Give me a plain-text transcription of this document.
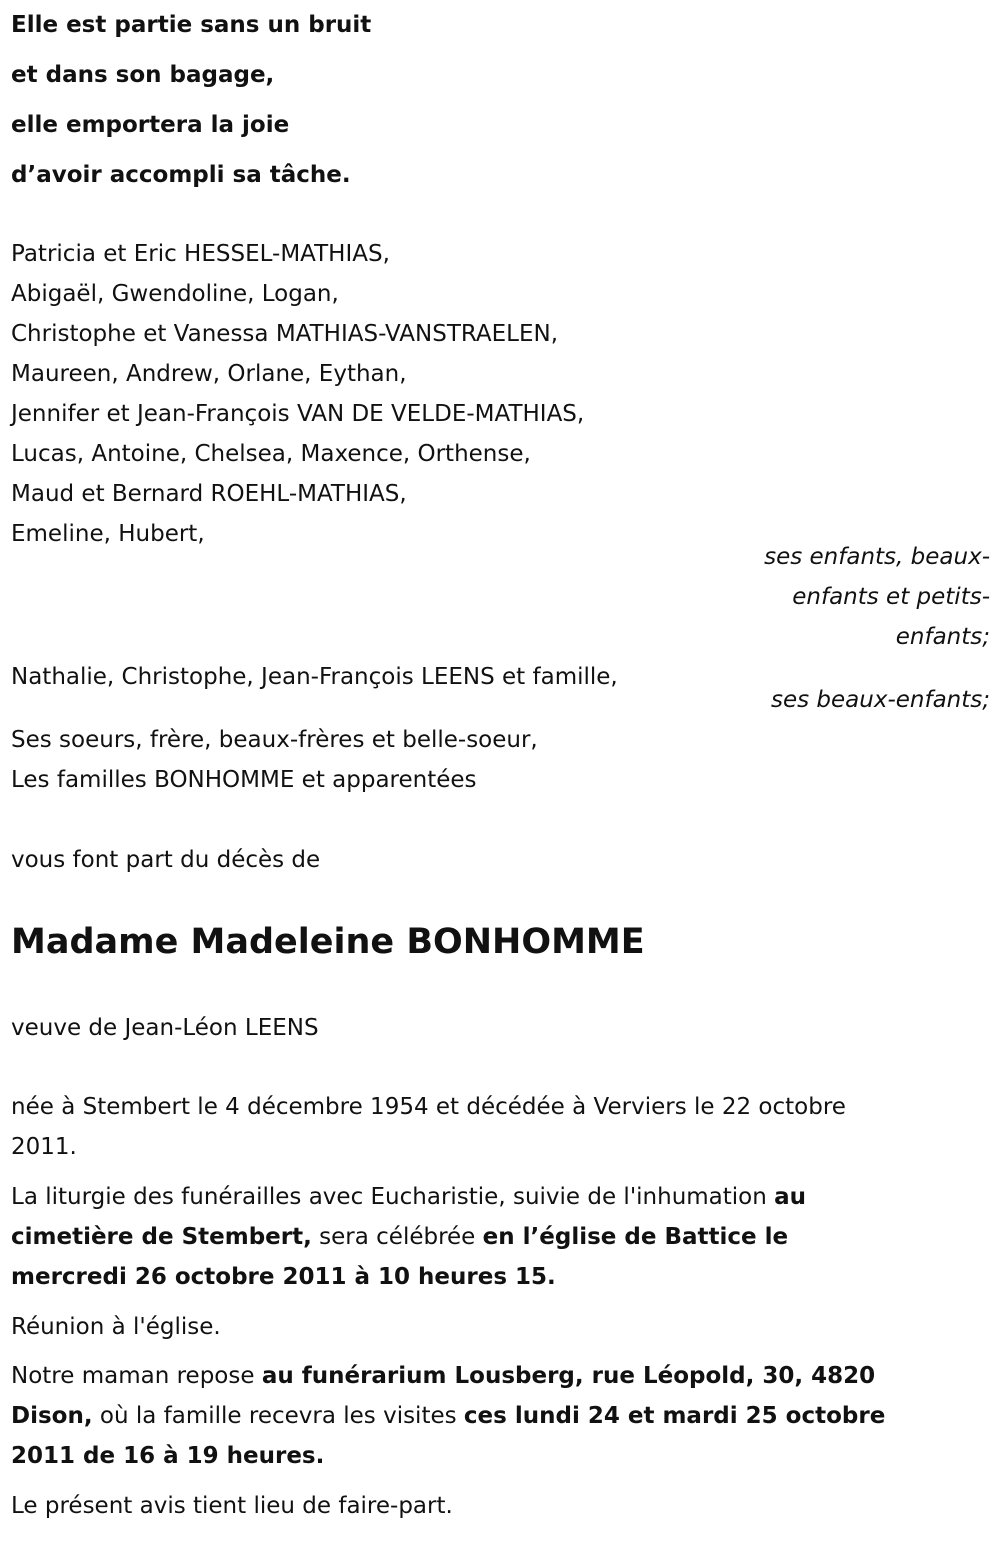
Elle est partie sans un bruit
et dans son bagage,
elle emportera la joie
d’avoir accompli sa tâche.
Patricia et Eric HESSEL-MATHIAS,
Abigaël, Gwendoline, Logan,
Christophe et Vanessa MATHIAS-VANSTRAELEN,
Maureen, Andrew, Orlane, Eythan,
Jennifer et Jean-François VAN DE VELDE-MATHIAS,
Lucas, Antoine, Chelsea, Maxence, Orthense,
Maud et Bernard ROEHL-MATHIAS,
Emeline, Hubert,
ses enfants, beaux-
enfants et petits-
enfants;
Nathalie, Christophe, Jean-François LEENS et famille,
ses beaux-enfants;
Ses soeurs, frère, beaux-frères et belle-soeur,
Les familles BONHOMME et apparentées
vous font part du décès de
Madame Madeleine BONHOMME
veuve de Jean-Léon LEENS
née à Stembert le 4 décembre 1954 et décédée à Verviers le 22 octobre
2011.
La liturgie des funérailles avec Eucharistie, suivie de l'inhumation au
cimetière de Stembert, sera célébrée en l’église de Battice le
mercredi 26 octobre 2011 à 10 heures 15.
Réunion à l'église.
Notre maman repose au funérarium Lousberg, rue Léopold, 30, 4820
Dison, où la famille recevra les visites ces lundi 24 et mardi 25 octobre
2011 de 16 à 19 heures.
Le présent avis tient lieu de faire-part.
